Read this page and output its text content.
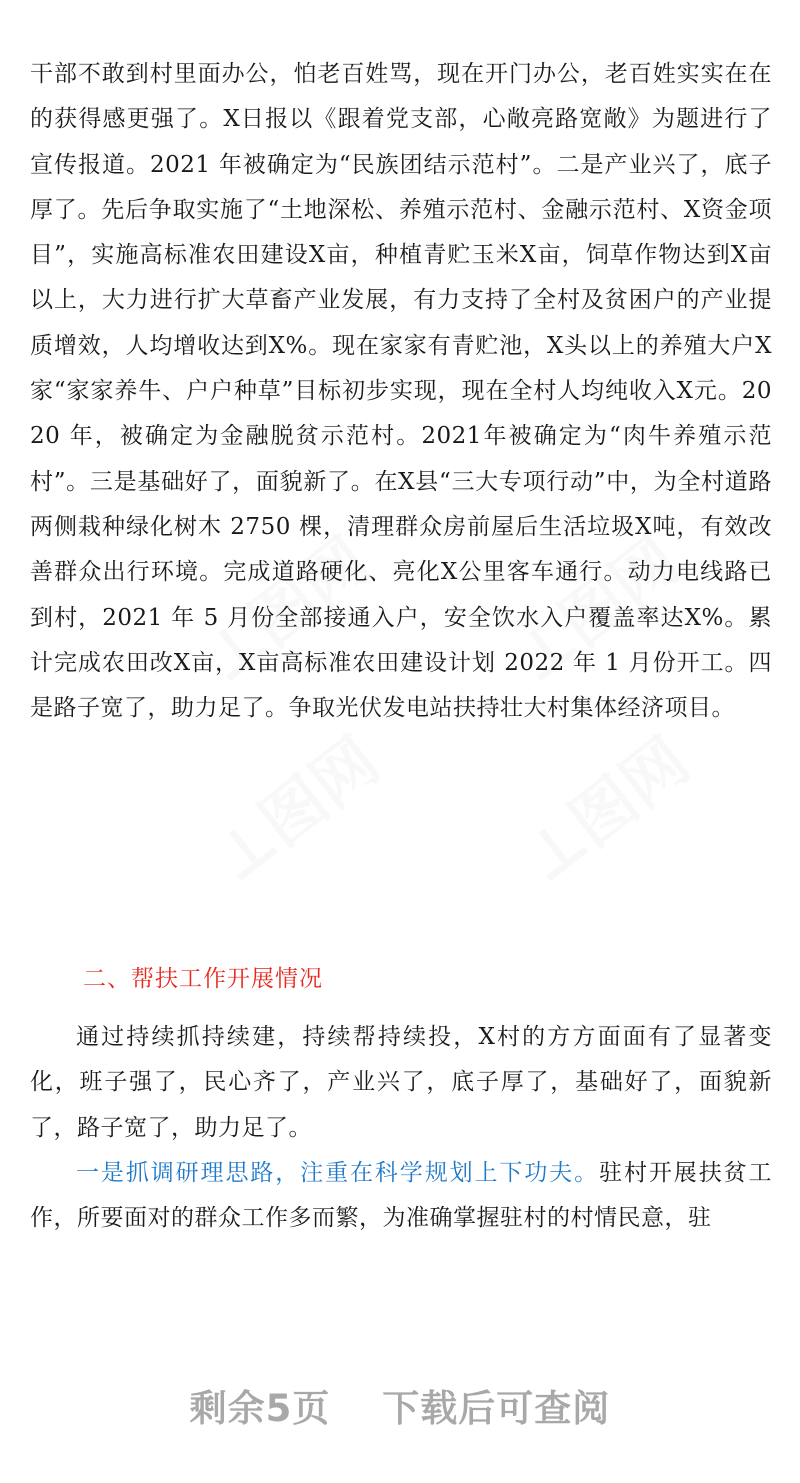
⊥图网 ⊥图网
⊥图网 ⊥图网

干部不敢到村里面办公，怕老百姓骂，现在开门办公，老百姓实实在在的获得感更强了。X日报以《跟着党支部，心敞亮路宽敞》为题进行了宣传报道。2021 年被确定为“民族团结示范村”。二是产业兴了，底子厚了。先后争取实施了“土地深松、养殖示范村、金融示范村、X资金项目”，实施高标准农田建设X亩，种植青贮玉米X亩，饲草作物达到X亩以上，大力进行扩大草畜产业发展，有力支持了全村及贫困户的产业提质增效，人均增收达到X%。现在家家有青贮池，X头以上的养殖大户X家“家家养牛、户户种草”目标初步实现，现在全村人均纯收入X元。2020 年，被确定为金融脱贫示范村。2021年被确定为“肉牛养殖示范村”。三是基础好了，面貌新了。在X县“三大专项行动”中，为全村道路两侧栽种绿化树木 2750 棵，清理群众房前屋后生活垃圾X吨，有效改善群众出行环境。完成道路硬化、亮化X公里客车通行。动力电线路已到村，2021 年 5 月份全部接通入户，安全饮水入户覆盖率达X%。累计完成农田改X亩，X亩高标准农田建设计划 2022 年 1 月份开工。四是路子宽了，助力足了。争取光伏发电站扶持壮大村集体经济项目。

二、帮扶工作开展情况

通过持续抓持续建，持续帮持续投，X村的方方面面有了显著变化，班子强了，民心齐了，产业兴了，底子厚了，基础好了，面貌新了，路子宽了，助力足了。

一是抓调研理思路，注重在科学规划上下功夫。驻村开展扶贫工作，所要面对的群众工作多而繁，为准确掌握驻村的村情民意，驻

剩余5页 下载后可查阅
